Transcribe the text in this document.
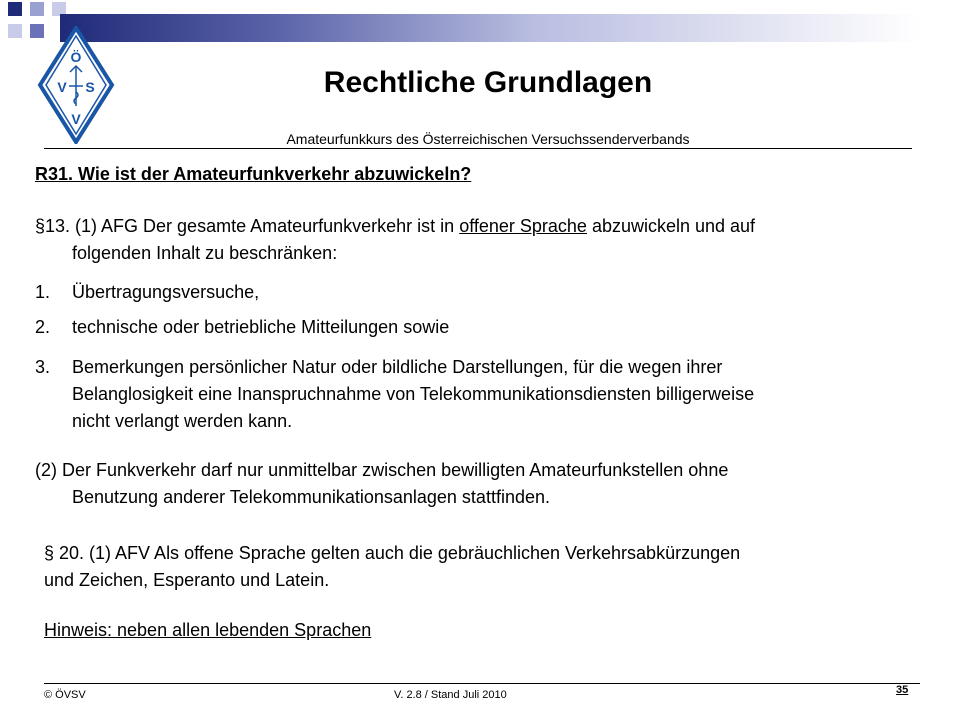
Ö
V S
V
Rechtliche Grundlagen
Amateurfunkkurs des Österreichischen Versuchssenderverbands
R31. Wie ist der Amateurfunkverkehr abzuwickeln?
§13. (1) AFG Der gesamte Amateurfunkverkehr ist in offener Sprache abzuwickeln und auf
folgenden Inhalt zu beschränken:
1. Übertragungsversuche,
2. technische oder betriebliche Mitteilungen sowie
3. Bemerkungen persönlicher Natur oder bildliche Darstellungen, für die wegen ihrer
Belanglosigkeit eine Inanspruchnahme von Telekommunikationsdiensten billigerweise
nicht verlangt werden kann.
(2) Der Funkverkehr darf nur unmittelbar zwischen bewilligten Amateurfunkstellen ohne
Benutzung anderer Telekommunikationsanlagen stattfinden.
§ 20. (1) AFV Als offene Sprache gelten auch die gebräuchlichen Verkehrsabkürzungen
und Zeichen, Esperanto und Latein.
Hinweis: neben allen lebenden Sprachen
© ÖVSV	V. 2.8 / Stand Juli 2010	35
